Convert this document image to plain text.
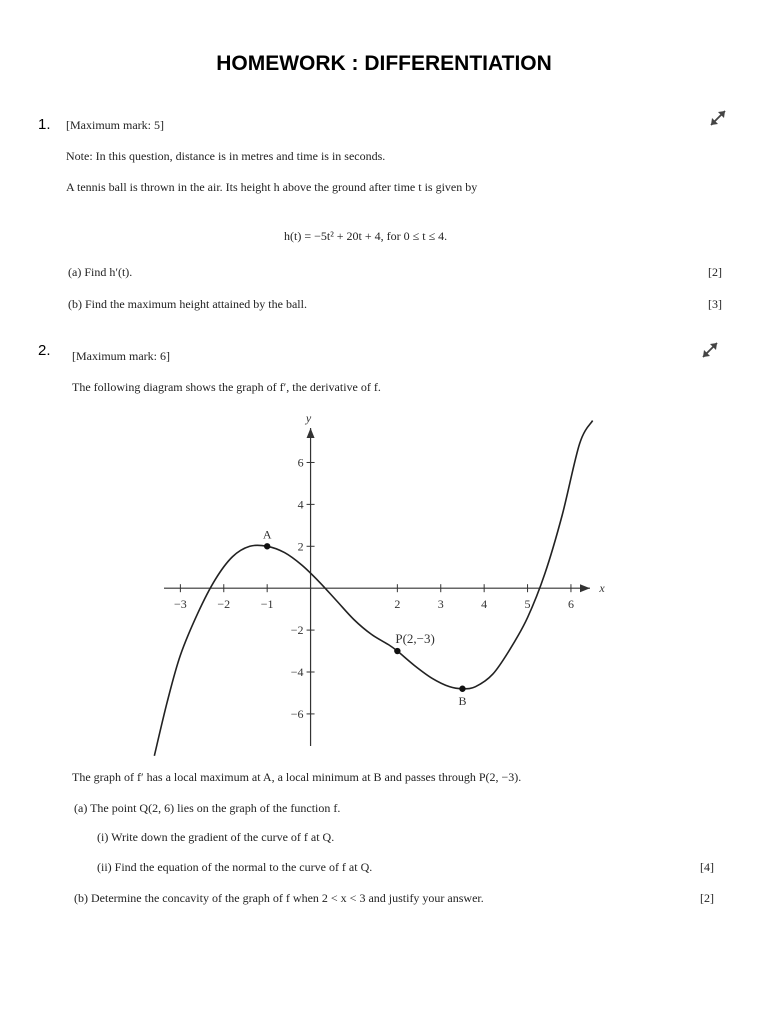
HOMEWORK : DIFFERENTIATION
1. [Maximum mark: 5]
Note: In this question, distance is in metres and time is in seconds.
A tennis ball is thrown in the air. Its height h above the ground after time t is given by
h(t) = −5t² + 20t + 4, for 0 ≤ t ≤ 4.
(a) Find h′(t).	[2]
(b) Find the maximum height attained by the ball.	[3]
2. [Maximum mark: 6]
The following diagram shows the graph of f′, the derivative of f.
x
y
−3	−2	−1	2	3	4	5	6
6
4
2
−2
−4
−6
A
P(2,−3)
B
The graph of f′ has a local maximum at A, a local minimum at B and passes through P(2, −3).
(a) The point Q(2, 6) lies on the graph of the function f.
(i) Write down the gradient of the curve of f at Q.
(ii) Find the equation of the normal to the curve of f at Q.	[4]
(b) Determine the concavity of the graph of f when 2 < x < 3 and justify your answer.	[2]
